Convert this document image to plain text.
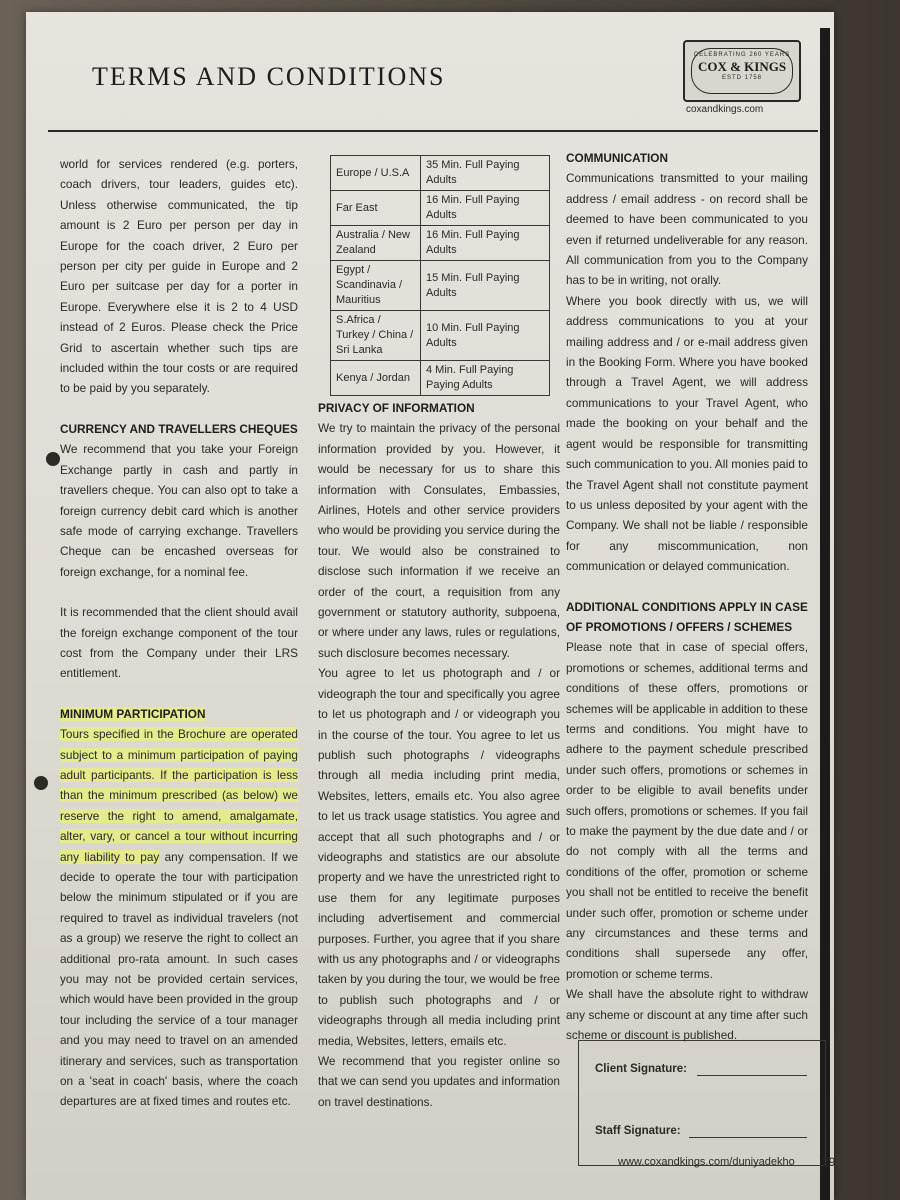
TERMS AND CONDITIONS
CELEBRATING 260 YEARS
COX & KINGS
ESTD 1758
coxandkings.com

world for services rendered (e.g. porters, coach drivers, tour leaders, guides etc). Unless otherwise communicated, the tip amount is 2 Euro per person per day in Europe for the coach driver, 2 Euro per person per city per guide in Europe and 2 Euro per suitcase per day for a porter in Europe. Everywhere else it is 2 to 4 USD instead of 2 Euros. Please check the Price Grid to ascertain whether such tips are included within the tour costs or are required to be paid by you separately.

CURRENCY AND TRAVELLERS CHEQUES

We recommend that you take your Foreign Exchange partly in cash and partly in travellers cheque. You can also opt to take a foreign currency debit card which is another safe mode of carrying exchange. Travellers Cheque can be encashed overseas for foreign exchange, for a nominal fee.

It is recommended that the client should avail the foreign exchange component of the tour cost from the Company under their LRS entitlement.

MINIMUM PARTICIPATION

Tours specified in the Brochure are operated subject to a minimum participation of paying adult participants. If the participation is less than the minimum prescribed (as below) we reserve the right to amend, amalgamate, alter, vary, or cancel a tour without incurring any liability to pay any compensation. If we decide to operate the tour with participation below the minimum stipulated or if you are required to travel as individual travelers (not as a group) we reserve the right to collect an additional pro-rata amount. In such cases you may not be provided certain services, which would have been provided in the group tour including the service of a tour manager and you may need to travel on an amended itinerary and services, such as transportation on a 'seat in coach' basis, where the coach departures are at fixed times and routes etc.

Europe / U.S.A	35 Min. Full Paying Adults
Far East	16 Min. Full Paying Adults
Australia / New Zealand	16 Min. Full Paying Adults
Egypt / Scandinavia / Mauritius	15 Min. Full Paying Adults
S.Africa / Turkey / China / Sri Lanka	10 Min. Full Paying Adults
Kenya / Jordan	4 Min. Full Paying Paying Adults

PRIVACY OF INFORMATION

We try to maintain the privacy of the personal information provided by you. However, it would be necessary for us to share this information with Consulates, Embassies, Airlines, Hotels and other service providers who would be providing you service during the tour. We would also be constrained to disclose such information if we receive an order of the court, a requisition from any government or statutory authority, subpoena, or where under any laws, rules or regulations, such disclosure becomes necessary.

You agree to let us photograph and / or videograph the tour and specifically you agree to let us photograph and / or videograph you in the course of the tour. You agree to let us publish such photographs / videographs through all media including print media, Websites, letters, emails etc. You also agree to let us track usage statistics. You agree and accept that all such photographs and / or videographs and statistics are our absolute property and we have the unrestricted right to use them for any legitimate purposes including advertisement and commercial purposes. Further, you agree that if you share with us any photographs and / or videographs taken by you during the tour, we would be free to publish such photographs and / or videographs through all media including print media, Websites, letters, emails etc.

We recommend that you register online so that we can send you updates and information on travel destinations.

COMMUNICATION

Communications transmitted to your mailing address / email address - on record shall be deemed to have been communicated to you even if returned undeliverable for any reason. All communication from you to the Company has to be in writing, not orally.

Where you book directly with us, we will address communications to you at your mailing address and / or e-mail address given in the Booking Form. Where you have booked through a Travel Agent, we will address communications to your Travel Agent, who made the booking on your behalf and the agent would be responsible for transmitting such communication to you. All monies paid to the Travel Agent shall not constitute payment to us unless deposited by your agent with the Company. We shall not be liable / responsible for any miscommunication, non communication or delayed communication.

ADDITIONAL CONDITIONS APPLY IN CASE OF PROMOTIONS / OFFERS / SCHEMES

Please note that in case of special offers, promotions or schemes, additional terms and conditions of these offers, promotions or schemes will be applicable in addition to these terms and conditions. You might have to adhere to the payment schedule prescribed under such offers, promotions or schemes in order to be eligible to avail benefits under such offers, promotions or schemes. If you fail to make the payment by the due date and / or do not comply with all the terms and conditions of the offer, promotion or scheme you shall not be entitled to receive the benefit under such offer, promotion or scheme under any circumstances and these terms and conditions shall supersede any offer, promotion or scheme terms.

We shall have the absolute right to withdraw any scheme or discount at any time after such scheme or discount is published.

Client Signature:
Staff Signature:
www.coxandkings.com/duniyadekho 29
